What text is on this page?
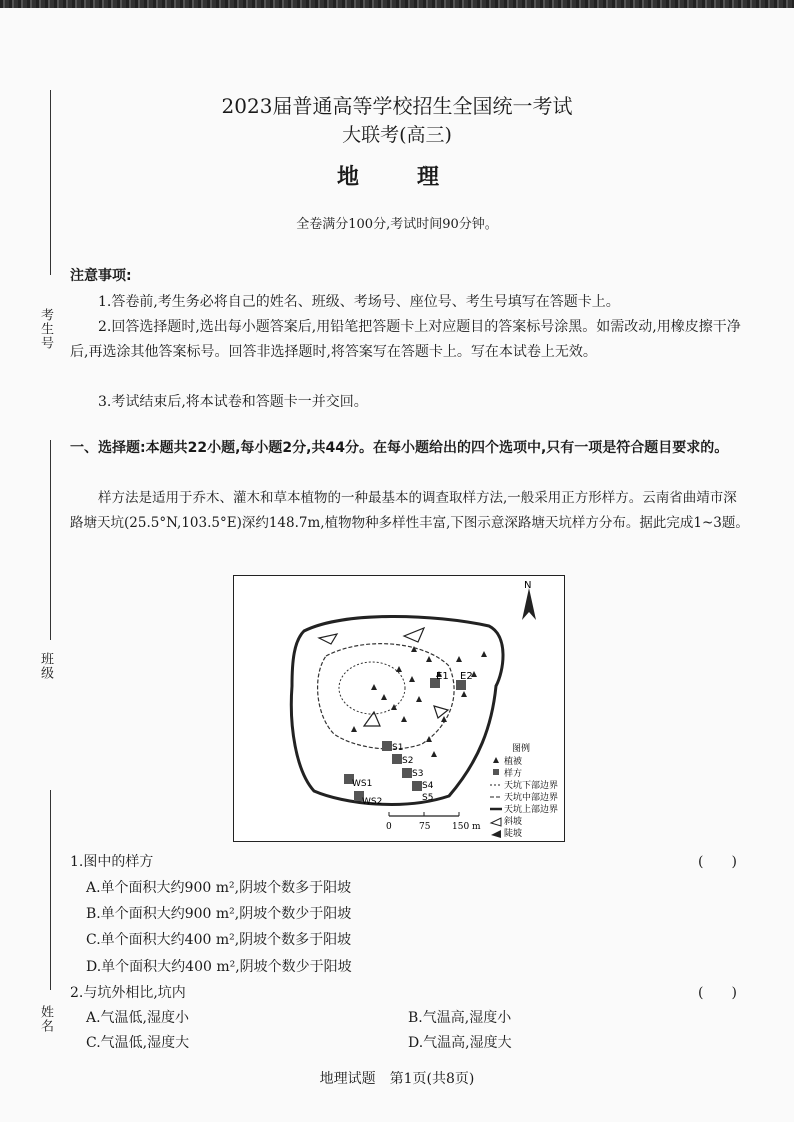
考生号
班级
姓名
2023届普通高等学校招生全国统一考试
大联考(高三)
地　理
全卷满分100分,考试时间90分钟。
注意事项:
1.答卷前,考生务必将自己的姓名、班级、考场号、座位号、考生号填写在答题卡上。
2.回答选择题时,选出每小题答案后,用铅笔把答题卡上对应题目的答案标号涂黑。如需改动,用橡皮擦干净后,再选涂其他答案标号。回答非选择题时,将答案写在答题卡上。写在本试卷上无效。
3.考试结束后,将本试卷和答题卡一并交回。
一、选择题:本题共22小题,每小题2分,共44分。在每小题给出的四个选项中,只有一项是符合题目要求的。
样方法是适用于乔木、灌木和草本植物的一种最基本的调查取样方法,一般采用正方形样方。云南省曲靖市深路塘天坑(25.5°N,103.5°E)深约148.7m,植物物种多样性丰富,下图示意深路塘天坑样方分布。据此完成1~3题。
E1 E2
S1
S2
S3
S4
S5
WS1
WS2
N
0	75 150 m
图例
植被
样方
天坑下部边界
天坑中部边界
天坑上部边界
斜坡
陡坡
1.图中的样方	(　　)
A.单个面积大约900 m²,阴坡个数多于阳坡
B.单个面积大约900 m²,阴坡个数少于阳坡
C.单个面积大约400 m²,阴坡个数多于阳坡
D.单个面积大约400 m²,阴坡个数少于阳坡
2.与坑外相比,坑内	(　　)
A.气温低,湿度小	B.气温高,湿度小
C.气温低,湿度大	D.气温高,湿度大
地理试题　第1页(共8页)
